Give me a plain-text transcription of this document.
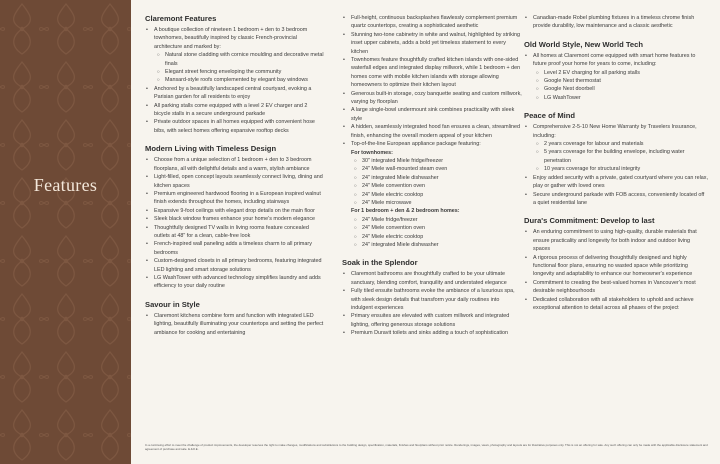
Features
Claremont Features
• A boutique collection of nineteen 1 bedroom + den to 3 bedroom townhomes, beautifully inspired by classic French-provincial architecture and marked by:
○ Natural stone cladding with cornice moulding and decorative metal finals
○ Elegant street fencing enveloping the community
○ Mansard-style roofs complemented by elegant bay windows
• Anchored by a beautifully landscaped central courtyard, evoking a Parisian garden for all residents to enjoy
• All parking stalls come equipped with a level 2 EV charger and 2 bicycle stalls in a secure underground parkade
• Private outdoor spaces in all homes equipped with convenient hose bibs, with select homes offering expansive rooftop decks
Modern Living with Timeless Design
• Choose from a unique selection of 1 bedroom + den to 3 bedroom floorplans, all with delightful details and a warm, stylish ambiance
• Light-filled, open concept layouts seamlessly connect living, dining and kitchen spaces
• Premium engineered hardwood flooring in a European inspired walnut finish extends throughout the homes, including stairways
• Expansive 9-foot ceilings with elegant drop details on the main floor
• Sleek black window frames enhance your home's modern elegance
• Thoughtfully designed TV walls in living rooms feature concealed outlets at 48" for a clean, cable-free look
• French-inspired wall paneling adds a timeless charm to all primary bedrooms
• Custom-designed closets in all primary bedrooms, featuring integrated LED lighting and smart storage solutions
• LG WashTower with advanced technology simplifies laundry and adds efficiency to your daily routine
Savour in Style
• Claremont kitchens combine form and function with integrated LED lighting, beautifully illuminating your countertops and setting the perfect ambiance for cooking and entertaining
• Full-height, continuous backsplashes flawlessly complement premium quartz countertops, creating a sophisticated aesthetic
• Stunning two-tone cabinetry in white and walnut, highlighted by striking inset upper cabinets, adds a bold yet timeless statement to every kitchen
• Townhomes feature thoughtfully crafted kitchen islands with one-sided waterfall edges and integrated display millwork, while 1 bedroom + den homes come with mobile kitchen islands with storage allowing homeowners to optimize their kitchen layout
• Generous built-in storage, cozy banquette seating and custom millwork, varying by floorplan
• A large single-bowl undermount sink combines practicality with sleek style
• A hidden, seamlessly integrated hood fan ensures a clean, streamlined finish, enhancing the overall modern appeal of your kitchen
• Top-of-the-line European appliance package featuring:
For townhomes:
○ 30" integrated Miele fridge/freezer
○ 24" Miele wall-mounted steam oven
○ 24" integrated Miele dishwasher
○ 24" Miele convention oven
○ 24" Miele electric cooktop
○ 24" Miele microwave
For 1 bedroom + den & 2 bedroom homes:
○ 24" Miele fridge/freezer
○ 24" Miele convention oven
○ 24" Miele electric cooktop
○ 24" integrated Miele dishwasher
Soak in the Splendor
• Claremont bathrooms are thoughtfully crafted to be your ultimate sanctuary, blending comfort, tranquility and understated elegance
• Fully tiled ensuite bathrooms evoke the ambiance of a luxurious spa, with sleek design details that transform your daily routines into indulgent experiences
• Primary ensuites are elevated with custom millwork and integrated lighting, offering generous storage solutions
• Premium Duravit toilets and sinks adding a touch of sophistication
• Canadian-made Robel plumbing fixtures in a timeless chrome finish provide durability, low maintenance and a classic aesthetic
Old World Style, New World Tech
• All homes at Claremont come equipped with smart home features to future proof your home for years to come, including:
○ Level 2 EV charging for all parking stalls
○ Google Nest thermostat
○ Google Nest doorbell
○ LG WashTower
Peace of Mind
• Comprehensive 2-5-10 New Home Warranty by Travelers Insurance, including:
○ 2 years coverage for labour and materials
○ 5 years coverage for the building envelope, including water penetration
○ 10 years coverage for structural integrity
• Enjoy added security with a private, gated courtyard where you can relax, play or gather with loved ones
• Secure underground parkade with FOB access, conveniently located off a quiet residential lane
Dura's Commitment: Develop to last
• An enduring commitment to using high-quality, durable materials that ensure practicality and longevity for both indoor and outdoor living spaces
• A rigorous process of delivering thoughtfully designed and highly functional floor plans, ensuring no wasted space while prioritizing longevity and adaptability to enhance our homeowner's experience
• Commitment to creating the best-valued homes in Vancouver's most desirable neighbourhoods
• Dedicated collaboration with all stakeholders to uphold and achieve exceptional attention to detail across all phases of the project
In a continuing effort to meet the challenge of product improvements, the developer reserves the right to make changes, modifications and substitutions to the building design, specification, materials, finishes and floorplans without prior notice. Renderings, images, views, photography and layouts are for illustrative purposes only. This is not an offering for sale. Any such offering can only be made with the applicable disclosure statement and agreement of purchase and sale. E.&O.E.
